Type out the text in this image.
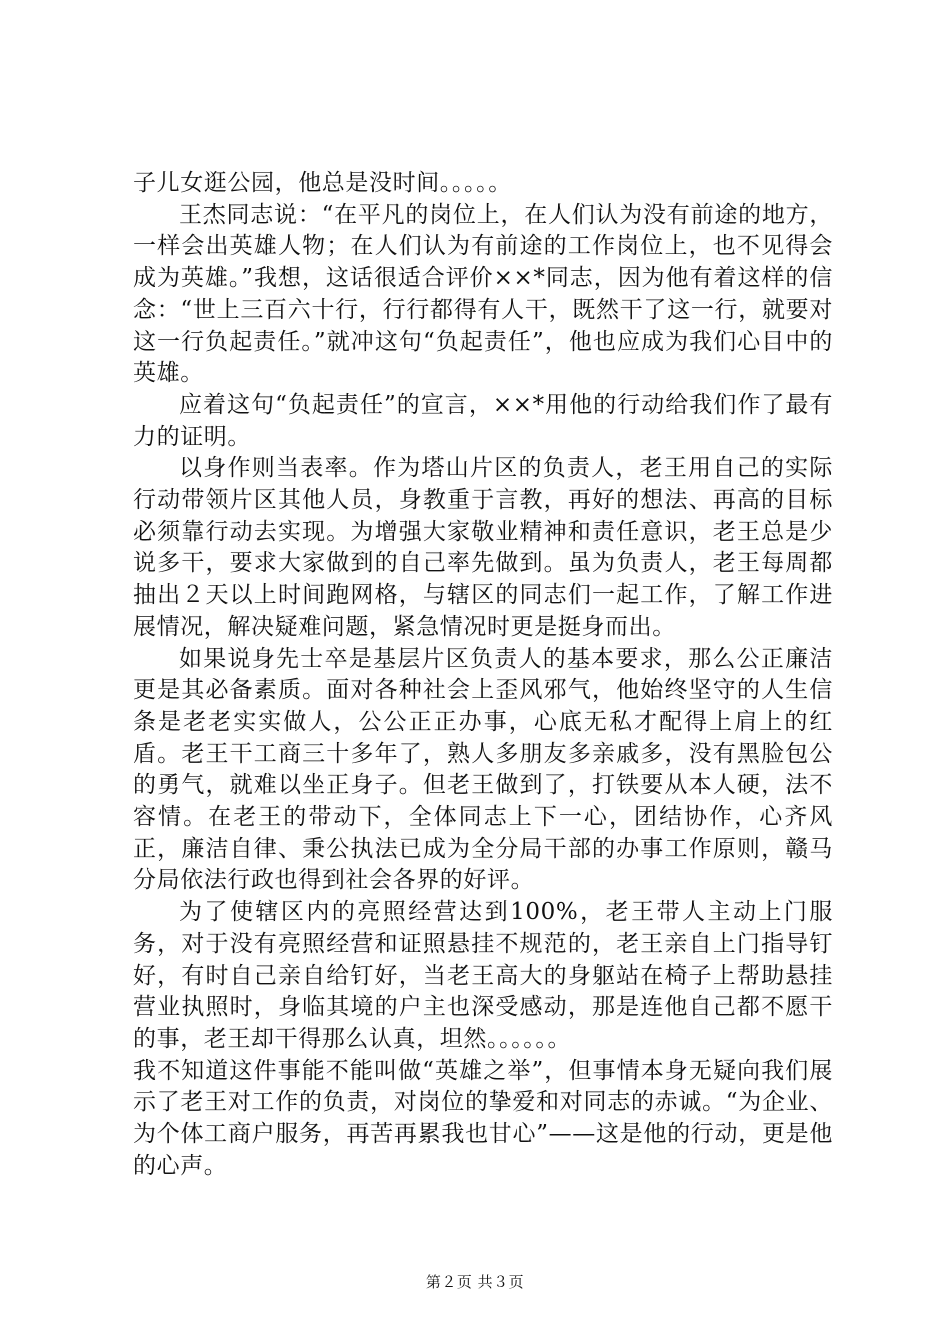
子儿女逛公园，他总是没时间。。。。。

王杰同志说：“在平凡的岗位上，在人们认为没有前途的地方，一样会出英雄人物；在人们认为有前途的工作岗位上，也不见得会成为英雄。”我想，这话很适合评价××*同志，因为他有着这样的信念：“世上三百六十行，行行都得有人干，既然干了这一行，就要对这一行负起责任。”就冲这句“负起责任”，他也应成为我们心目中的英雄。

应着这句“负起责任”的宣言，××*用他的行动给我们作了最有力的证明。

以身作则当表率。作为塔山片区的负责人，老王用自己的实际行动带领片区其他人员，身教重于言教，再好的想法、再高的目标必须靠行动去实现。为增强大家敬业精神和责任意识，老王总是少说多干，要求大家做到的自己率先做到。虽为负责人，老王每周都抽出２天以上时间跑网格，与辖区的同志们一起工作，了解工作进展情况，解决疑难问题，紧急情况时更是挺身而出。

如果说身先士卒是基层片区负责人的基本要求，那么公正廉洁更是其必备素质。面对各种社会上歪风邪气，他始终坚守的人生信条是老老实实做人，公公正正办事，心底无私才配得上肩上的红盾。老王干工商三十多年了，熟人多朋友多亲戚多，没有黑脸包公的勇气，就难以坐正身子。但老王做到了，打铁要从本人硬，法不容情。在老王的带动下，全体同志上下一心，团结协作，心齐风正，廉洁自律、秉公执法已成为全分局干部的办事工作原则，赣马分局依法行政也得到社会各界的好评。

为了使辖区内的亮照经营达到100%，老王带人主动上门服务，对于没有亮照经营和证照悬挂不规范的，老王亲自上门指导钉好，有时自己亲自给钉好，当老王高大的身躯站在椅子上帮助悬挂营业执照时，身临其境的户主也深受感动，那是连他自己都不愿干的事，老王却干得那么认真，坦然。。。。。。

我不知道这件事能不能叫做“英雄之举”，但事情本身无疑向我们展示了老王对工作的负责，对岗位的挚爱和对同志的赤诚。“为企业、为个体工商户服务，再苦再累我也甘心”——这是他的行动，更是他的心声。

第２页 共３页
